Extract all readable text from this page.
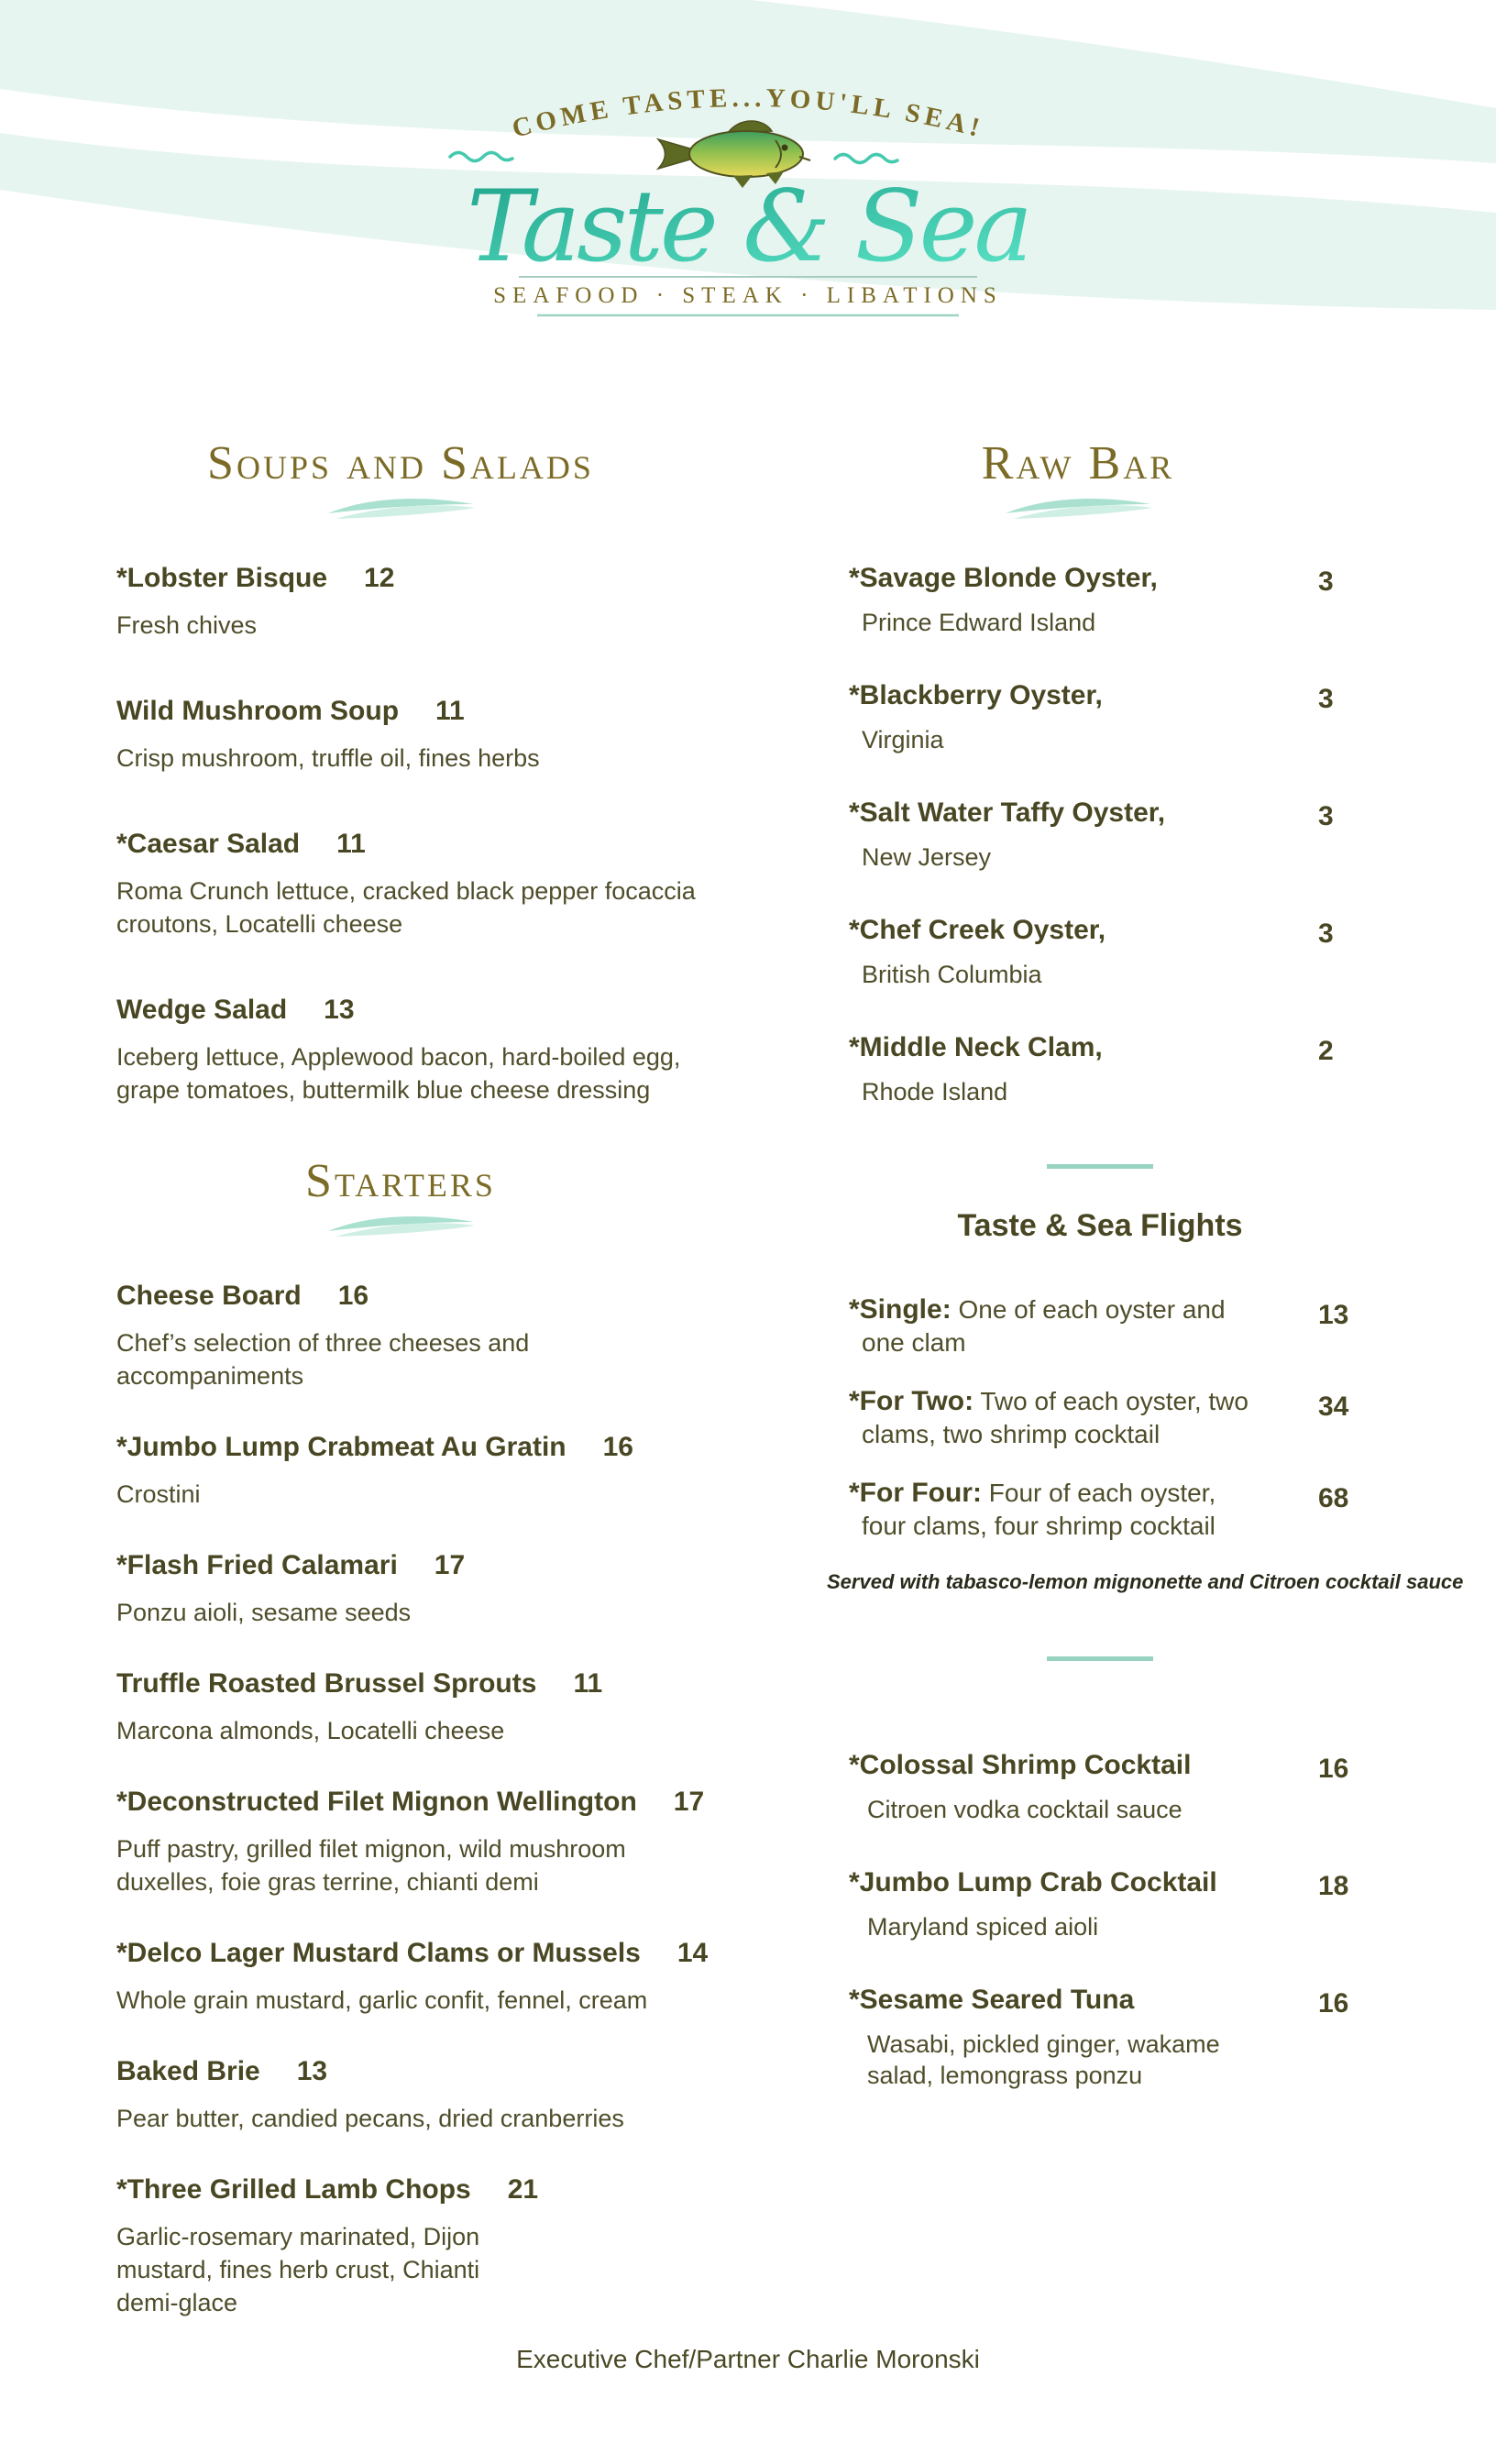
COME TASTE...YOU'LL SEA!
Taste & Sea
SEAFOOD · STEAK · LIBATIONS
Soups and Salads

*Lobster Bisque 12

Fresh chives

Wild Mushroom Soup 11

Crisp mushroom, truffle oil, fines herbs

*Caesar Salad 11

Roma Crunch lettuce, cracked black pepper focaccia croutons, Locatelli cheese

Wedge Salad 13

Iceberg lettuce, Applewood bacon, hard-boiled egg, grape tomatoes, buttermilk blue cheese dressing

Starters

Cheese Board 16

Chef’s selection of three cheeses and accompaniments

*Jumbo Lump Crabmeat Au Gratin 16

Crostini

*Flash Fried Calamari 17

Ponzu aioli, sesame seeds

Truffle Roasted Brussel Sprouts 11

Marcona almonds, Locatelli cheese

*Deconstructed Filet Mignon Wellington 17

Puff pastry, grilled filet mignon, wild mushroom duxelles, foie gras terrine, chianti demi

*Delco Lager Mustard Clams or Mussels 14

Whole grain mustard, garlic confit, fennel, cream

Baked Brie 13

Pear butter, candied pecans, dried cranberries

*Three Grilled Lamb Chops 21

Garlic-rosemary marinated, Dijon mustard, fines herb crust, Chianti demi-glace

Raw Bar

*Savage Blonde Oyster,

Prince Edward Island

3

*Blackberry Oyster,

Virginia

3

*Salt Water Taffy Oyster,

New Jersey

3

*Chef Creek Oyster,

British Columbia

3

*Middle Neck Clam,

Rhode Island

2
Taste & Sea Flights

*Single: One of each oyster and one clam

13

*For Two: Two of each oyster, two clams, two shrimp cocktail

34

*For Four: Four of each oyster, four clams, four shrimp cocktail

68

Served with tabasco-lemon mignonette and Citroen cocktail sauce

*Colossal Shrimp Cocktail

Citroen vodka cocktail sauce

16

*Jumbo Lump Crab Cocktail

Maryland spiced aioli

18

*Sesame Seared Tuna

Wasabi, pickled ginger, wakame salad, lemongrass ponzu

16
Executive Chef/Partner Charlie Moronski
